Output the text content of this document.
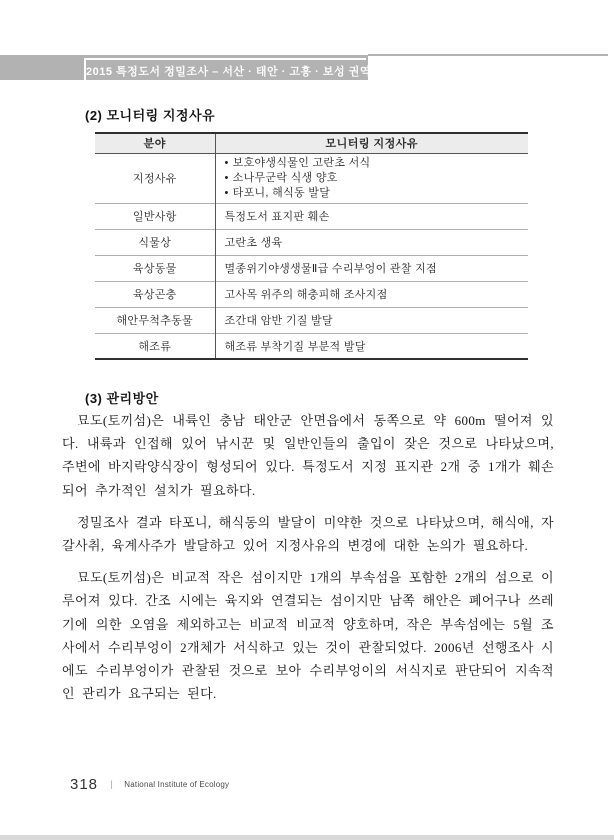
2015 특정도서 정밀조사 – 서산 · 태안 · 고흥 · 보성 권역
(2) 모니터링 지정사유
분야	모니터링 지정사유
지정사유	• 보호야생식물인 고란초 서식
• 소나무군락 식생 양호
• 타포니, 해식동 발달

일반사항	특정도서 표지판 훼손
식물상	고란초 생육
육상동물	멸종위기야생생물Ⅱ급 수리부엉이 관찰 지점
육상곤충	고사목 위주의 해충피해 조사지점
해안무척추동물	조간대 암반 기질 발달
해조류	해조류 부착기질 부분적 발달
(3) 관리방안

묘도(토끼섬)은 내륙인 충남 태안군 안면읍에서 동쪽으로 약 600m 떨어져 있다. 내륙과 인접해 있어 낚시꾼 및 일반인들의 출입이 잦은 것으로 나타났으며, 주변에 바지락양식장이 형성되어 있다. 특정도서 지정 표지관 2개 중 1개가 훼손되어 추가적인 설치가 필요하다.

정밀조사 결과 타포니, 해식동의 발달이 미약한 것으로 나타났으며, 해식애, 자갈사취, 육계사주가 발달하고 있어 지정사유의 변경에 대한 논의가 필요하다.

묘도(토끼섬)은 비교적 작은 섬이지만 1개의 부속섬을 포함한 2개의 섬으로 이루어져 있다. 간조 시에는 육지와 연결되는 섬이지만 남쪽 해안은 폐어구나 쓰레기에 의한 오염을 제외하고는 비교적 비교적 양호하며, 작은 부속섬에는 5월 조사에서 수리부엉이 2개체가 서식하고 있는 것이 관찰되었다. 2006년 선행조사 시에도 수리부엉이가 관찰된 것으로 보아 수리부엉이의 서식지로 판단되어 지속적인 관리가 요구되는 된다.

318 | National Institute of Ecology
